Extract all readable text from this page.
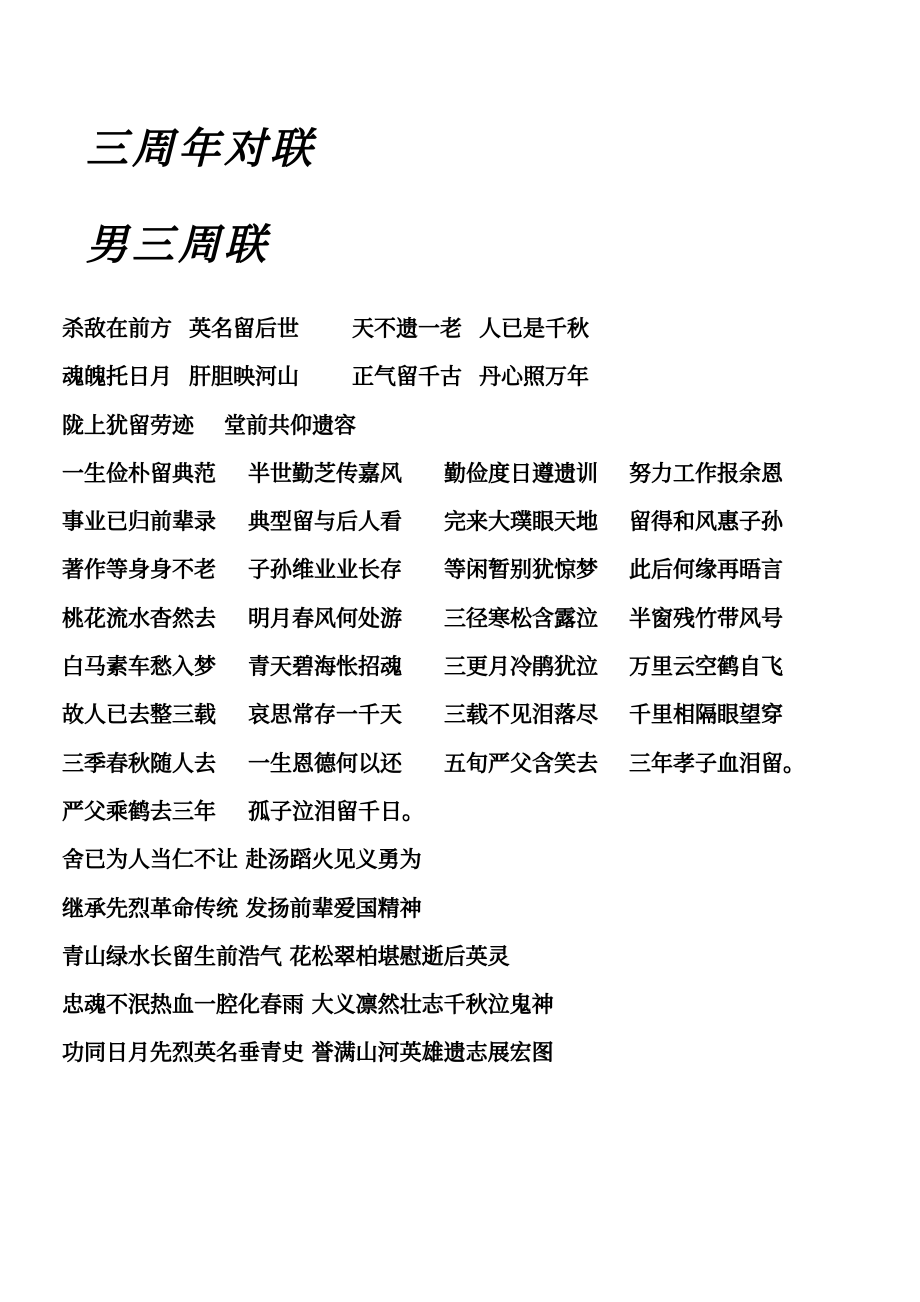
三周年对联
男三周联
杀敌在前方 英名留后世 天不遗一老 人已是千秋
魂魄托日月 肝胆映河山 正气留千古 丹心照万年
陇上犹留劳迹 堂前共仰遗容
一生俭朴留典范 半世勤芝传嘉风 勤俭度日遵遗训 努力工作报余恩
事业已归前辈录 典型留与后人看 完来大璞眼天地 留得和风惠子孙
著作等身身不老 子孙维业业长存 等闲暂别犹惊梦 此后何缘再晤言
桃花流水杳然去 明月春风何处游 三径寒松含露泣 半窗残竹带风号
白马素车愁入梦 青天碧海怅招魂 三更月冷鹃犹泣 万里云空鹤自飞
故人已去整三载 哀思常存一千天 三载不见泪落尽 千里相隔眼望穿
三季春秋随人去 一生恩德何以还 五旬严父含笑去 三年孝子血泪留。
严父乘鹤去三年 孤子泣泪留千日。
舍已为人当仁不让 赴汤蹈火见义勇为
继承先烈革命传统 发扬前辈爱国精神
青山绿水长留生前浩气 花松翠柏堪慰逝后英灵
忠魂不泯热血一腔化春雨 大义凛然壮志千秋泣鬼神
功同日月先烈英名垂青史 誉满山河英雄遗志展宏图
